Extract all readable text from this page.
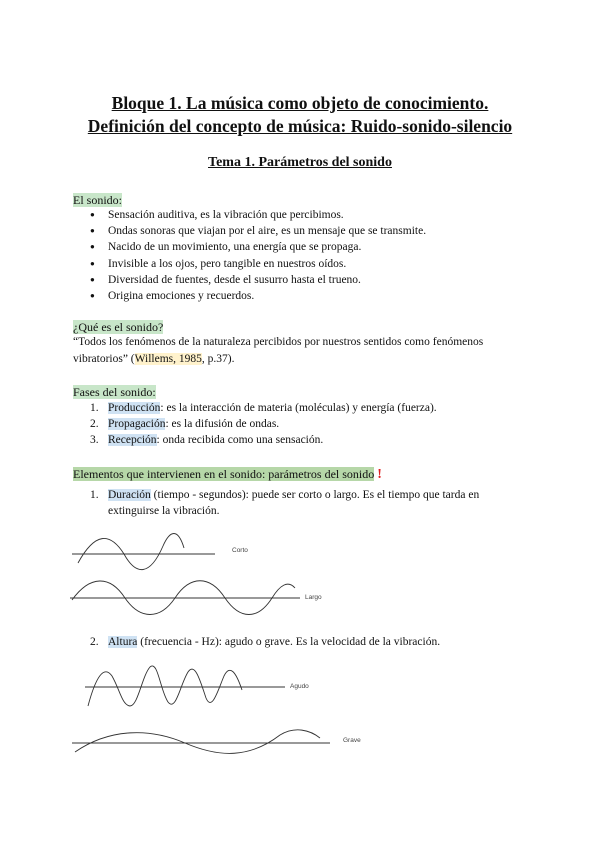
Bloque 1. La música como objeto de conocimiento.
Definición del concepto de música: Ruido-sonido-silencio
Tema 1. Parámetros del sonido
El sonido:
● Sensación auditiva, es la vibración que percibimos.
● Ondas sonoras que viajan por el aire, es un mensaje que se transmite.
● Nacido de un movimiento, una energía que se propaga.
● Invisible a los ojos, pero tangible en nuestros oídos.
● Diversidad de fuentes, desde el susurro hasta el trueno.
● Origina emociones y recuerdos.
¿Qué es el sonido?
“Todos los fenómenos de la naturaleza percibidos por nuestros sentidos como fenómenos vibratorios” (Willems, 1985, p.37).
Fases del sonido:
1. Producción: es la interacción de materia (moléculas) y energía (fuerza).
2. Propagación: es la difusión de ondas.
3. Recepción: onda recibida como una sensación.
Elementos que intervienen en el sonido: parámetros del sonido !
1. Duración (tiempo - segundos): puede ser corto o largo. Es el tiempo que tarda en extinguirse la vibración.
2. Altura (frecuencia - Hz): agudo o grave. Es la velocidad de la vibración.
Corto
Largo
Agudo
Grave
